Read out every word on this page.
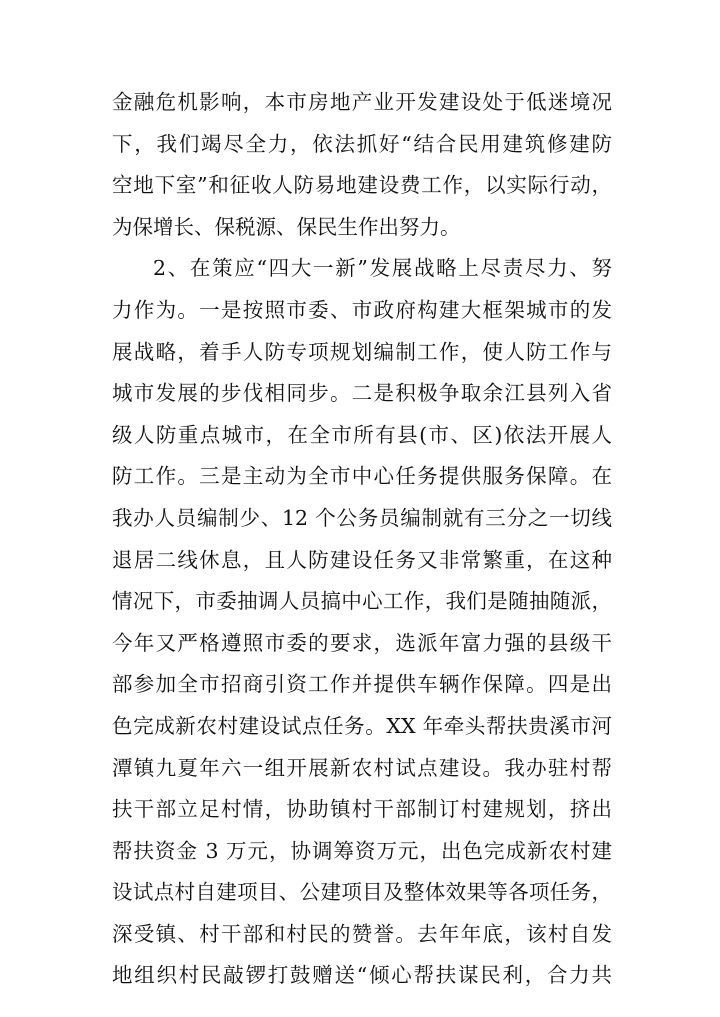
金融危机影响，本市房地产业开发建设处于低迷境况
下，我们竭尽全力，依法抓好“结合民用建筑修建防
空地下室”和征收人防易地建设费工作，以实际行动，
为保增长、保税源、保民生作出努力。
2、在策应“四大一新”发展战略上尽责尽力、努
力作为。一是按照市委、市政府构建大框架城市的发
展战略，着手人防专项规划编制工作，使人防工作与
城市发展的步伐相同步。二是积极争取余江县列入省
级人防重点城市，在全市所有县(市、区)依法开展人
防工作。三是主动为全市中心任务提供服务保障。在
我办人员编制少、12 个公务员编制就有三分之一切线
退居二线休息，且人防建设任务又非常繁重，在这种
情况下，市委抽调人员搞中心工作，我们是随抽随派，
今年又严格遵照市委的要求，选派年富力强的县级干
部参加全市招商引资工作并提供车辆作保障。四是出
色完成新农村建设试点任务。XX 年牵头帮扶贵溪市河
潭镇九夏年六一组开展新农村试点建设。我办驻村帮
扶干部立足村情，协助镇村干部制订村建规划，挤出
帮扶资金 3 万元，协调筹资万元，出色完成新农村建
设试点村自建项目、公建项目及整体效果等各项任务，
深受镇、村干部和村民的赞誉。去年年底，该村自发
地组织村民敲锣打鼓赠送“倾心帮扶谋民利，合力共
